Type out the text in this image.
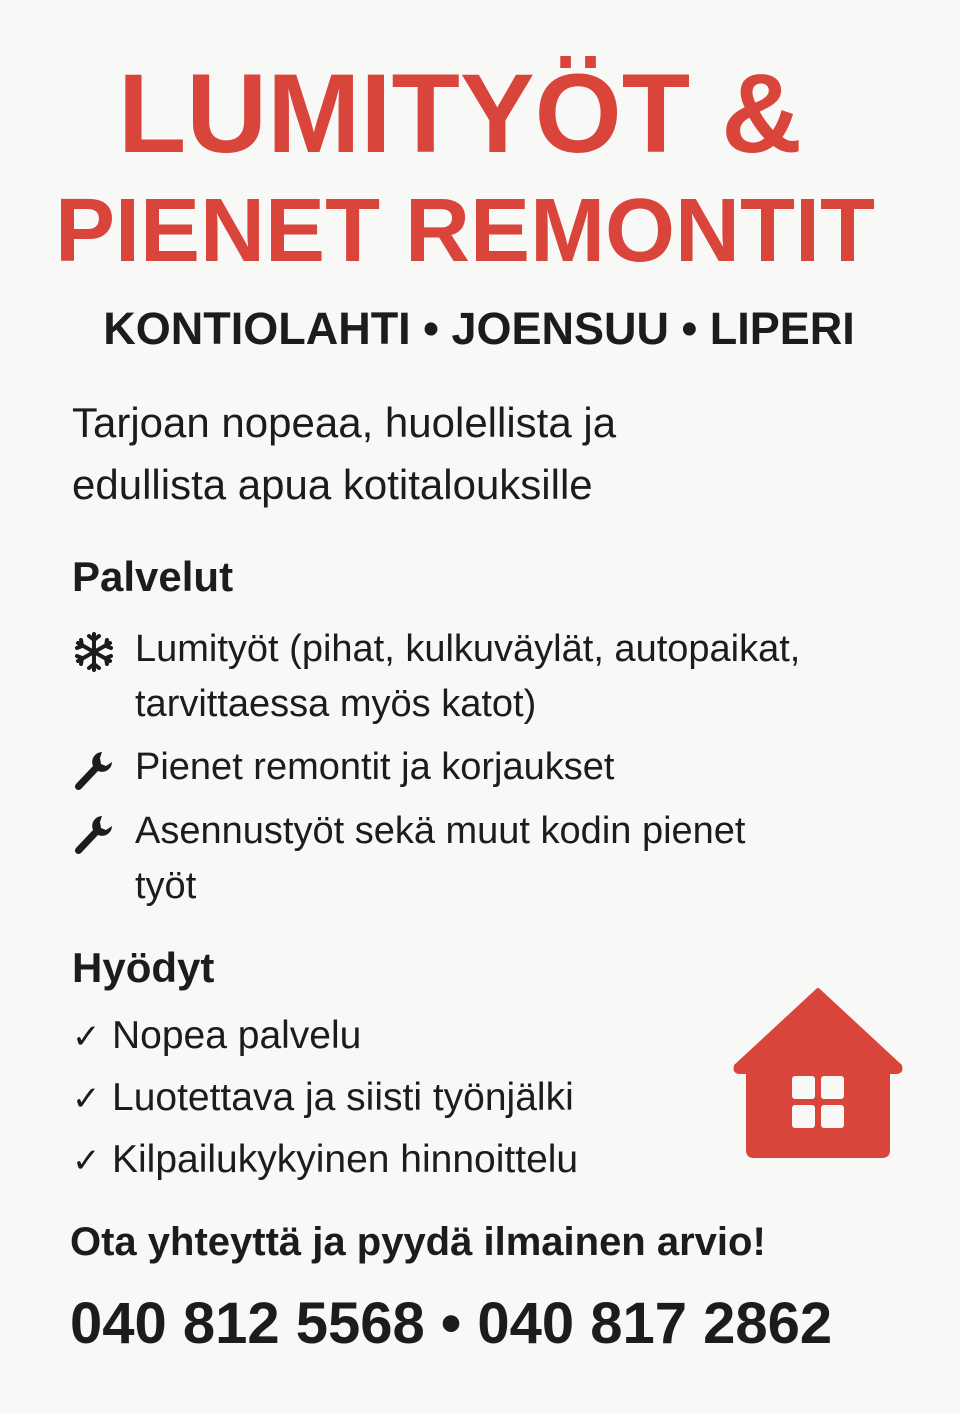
LUMITYÖT &
PIENET REMONTIT
KONTIOLAHTI • JOENSUU • LIPERI
Tarjoan nopeaa, huolellista ja
edullista apua kotitalouksille
Palvelut
Lumityöt (pihat, kulkuväylät, autopaikat,
tarvittaessa myös katot)
Pienet remontit ja korjaukset
Asennustyöt sekä muut kodin pienet
työt
Hyödyt
✓ Nopea palvelu
✓ Luotettava ja siisti työnjälki
✓ Kilpailukykyinen hinnoittelu
Ota yhteyttä ja pyydä ilmainen arvio!
040 812 5568 • 040 817 2862
